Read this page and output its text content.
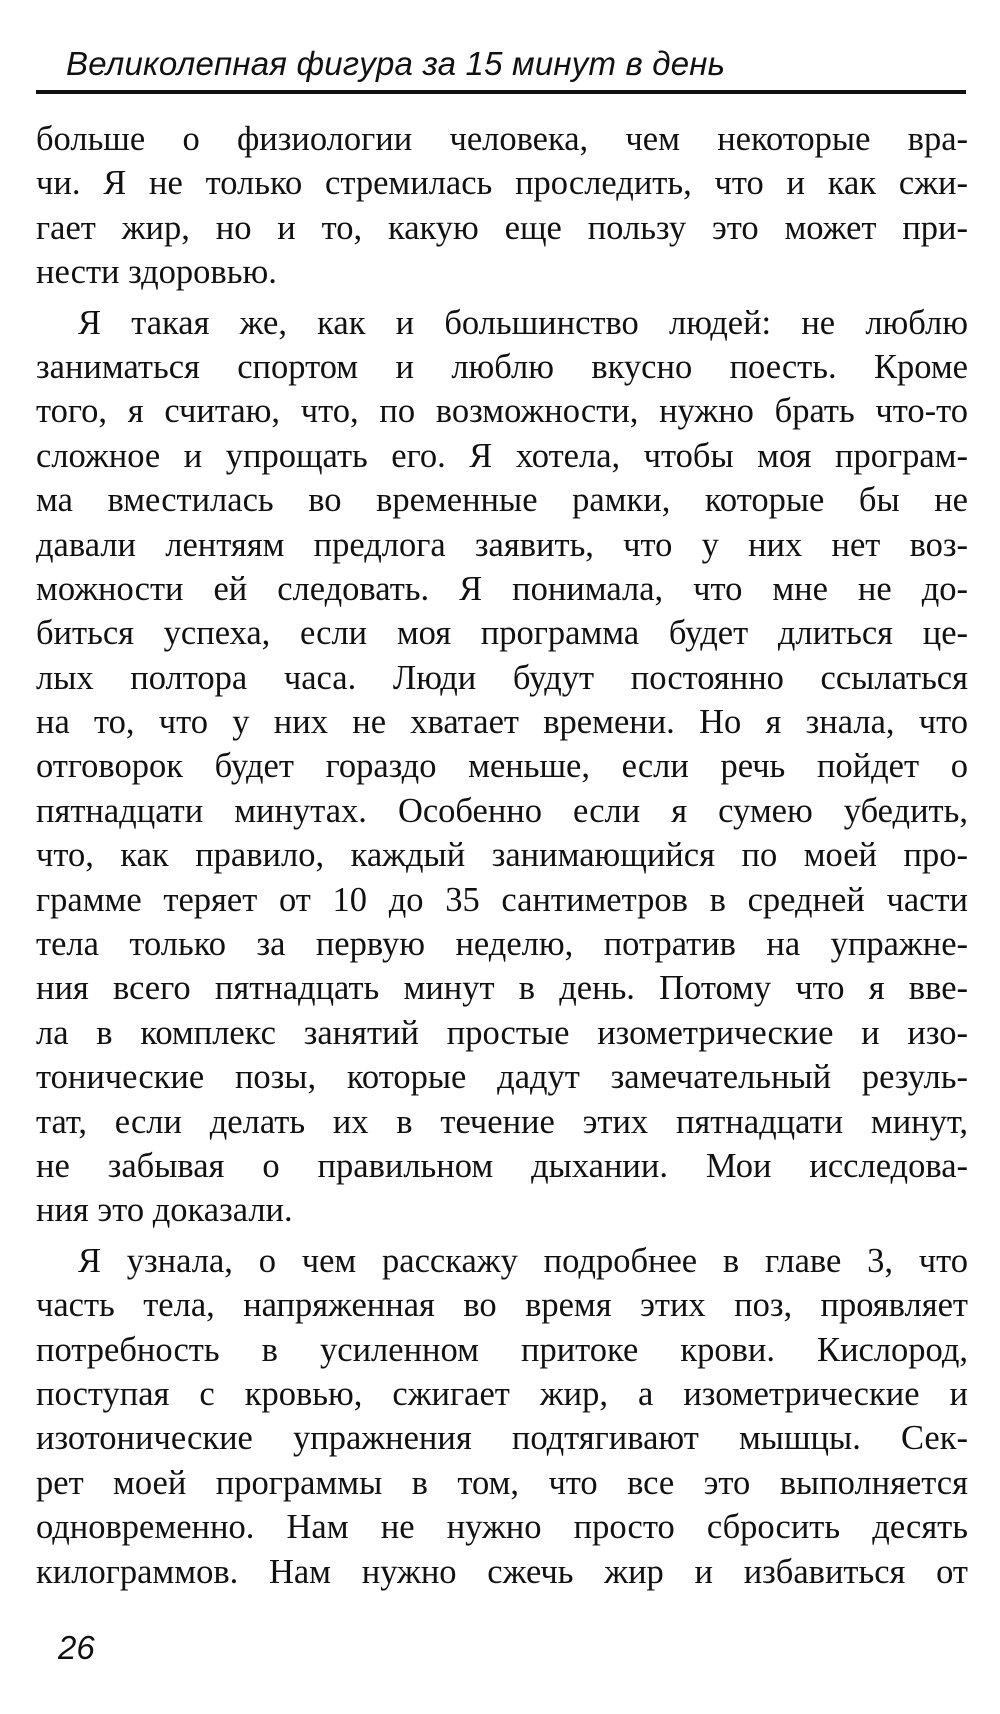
Великолепная фигура за 15 минут в день
больше о физиологии человека, чем некоторые вра-
чи. Я не только стремилась проследить, что и как сжи-
гает жир, но и то, какую еще пользу это может при-
нести здоровью.
Я такая же, как и большинство людей: не люблю
заниматься спортом и люблю вкусно поесть. Кроме
того, я считаю, что, по возможности, нужно брать что-то
сложное и упрощать его. Я хотела, чтобы моя програм-
ма вместилась во временные рамки, которые бы не
давали лентяям предлога заявить, что у них нет воз-
можности ей следовать. Я понимала, что мне не до-
биться успеха, если моя программа будет длиться це-
лых полтора часа. Люди будут постоянно ссылаться
на то, что у них не хватает времени. Но я знала, что
отговорок будет гораздо меньше, если речь пойдет о
пятнадцати минутах. Особенно если я сумею убедить,
что, как правило, каждый занимающийся по моей про-
грамме теряет от 10 до 35 сантиметров в средней части
тела только за первую неделю, потратив на упражне-
ния всего пятнадцать минут в день. Потому что я вве-
ла в комплекс занятий простые изометрические и изо-
тонические позы, которые дадут замечательный резуль-
тат, если делать их в течение этих пятнадцати минут,
не забывая о правильном дыхании. Мои исследова-
ния это доказали.
Я узнала, о чем расскажу подробнее в главе 3, что
часть тела, напряженная во время этих поз, проявляет
потребность в усиленном притоке крови. Кислород,
поступая с кровью, сжигает жир, а изометрические и
изотонические упражнения подтягивают мышцы. Сек-
рет моей программы в том, что все это выполняется
одновременно. Нам не нужно просто сбросить десять
килограммов. Нам нужно сжечь жир и избавиться от
26
